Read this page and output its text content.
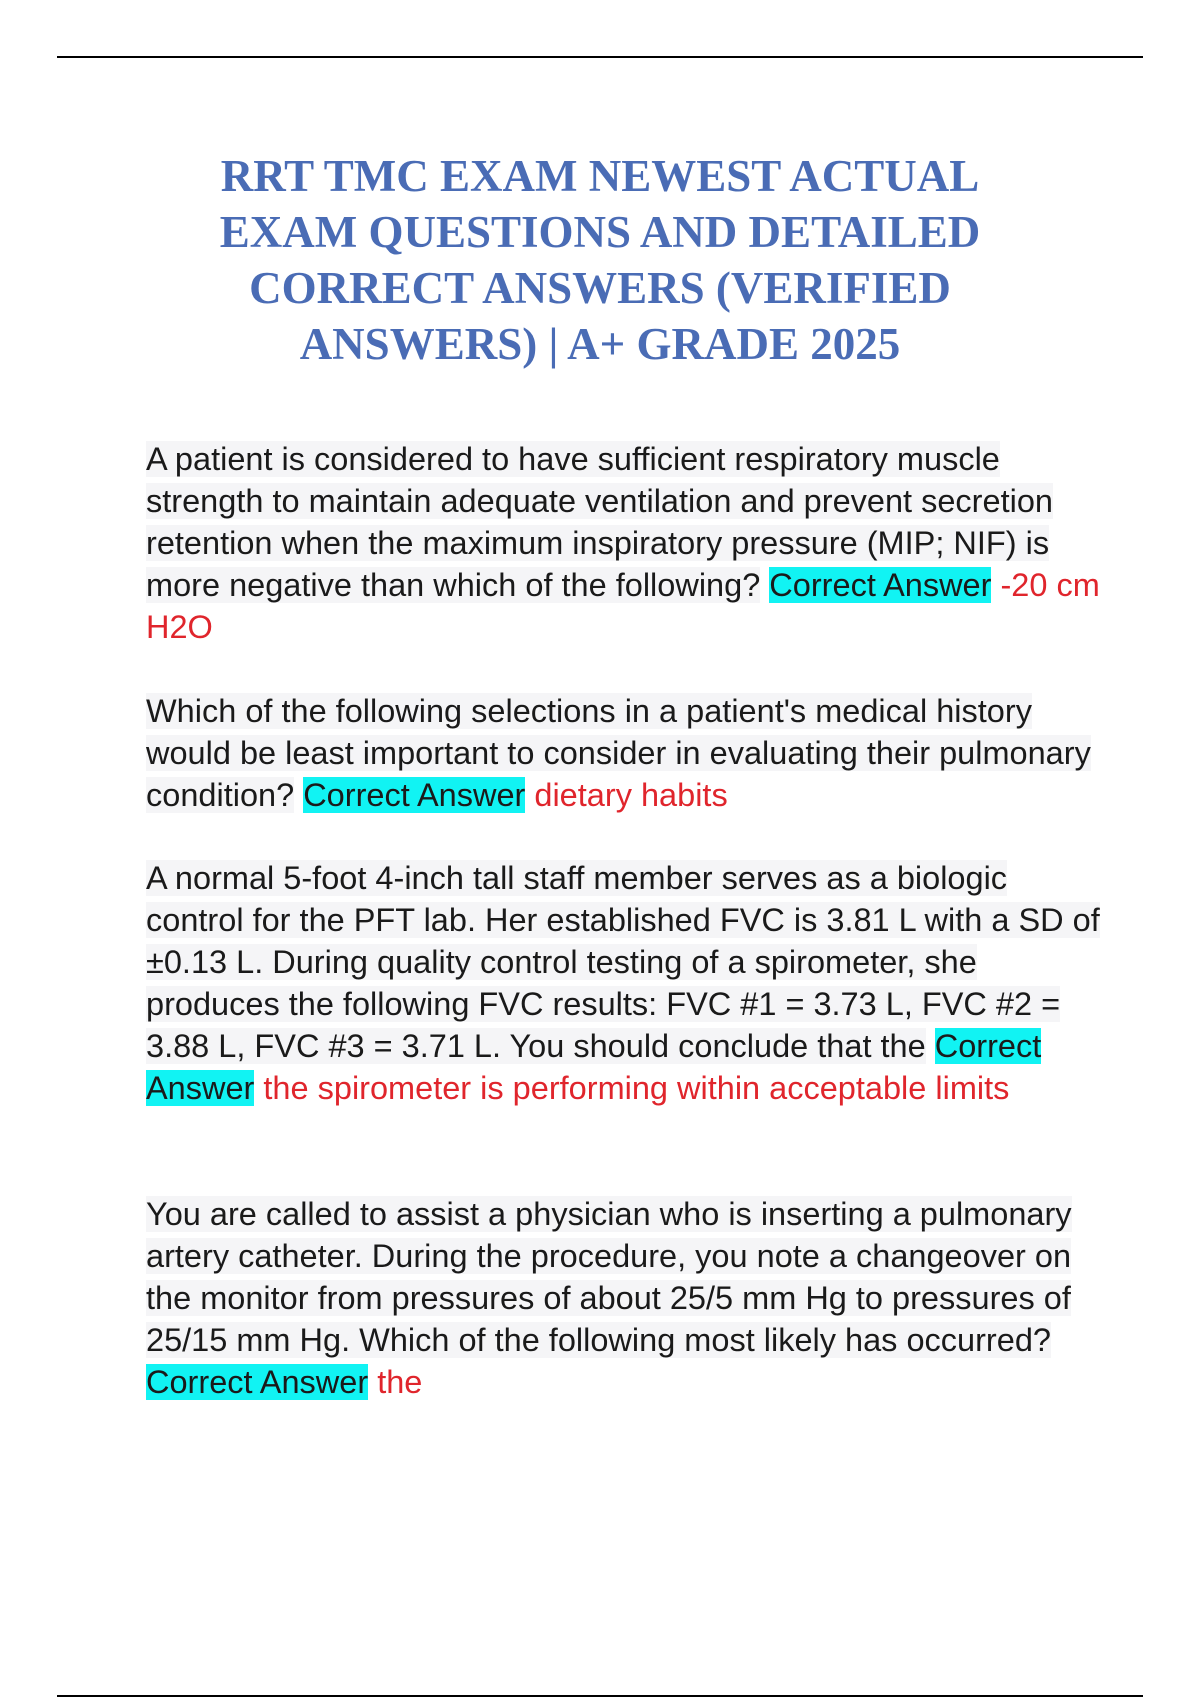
RRT TMC EXAM NEWEST ACTUAL EXAM QUESTIONS AND DETAILED CORRECT ANSWERS (VERIFIED ANSWERS) | A+ GRADE 2025

A patient is considered to have sufficient respiratory muscle strength to maintain adequate ventilation and prevent secretion retention when the maximum inspiratory pressure (MIP; NIF) is more negative than which of the following? Correct Answer -20 cm H2O

Which of the following selections in a patient's medical history would be least important to consider in evaluating their pulmonary condition? Correct Answer dietary habits

A normal 5-foot 4-inch tall staff member serves as a biologic control for the PFT lab. Her established FVC is 3.81 L with a SD of ±0.13 L. During quality control testing of a spirometer, she produces the following FVC results: FVC #1 = 3.73 L, FVC #2 = 3.88 L, FVC #3 = 3.71 L. You should conclude that the Correct Answer the spirometer is performing within acceptable limits

You are called to assist a physician who is inserting a pulmonary artery catheter. During the procedure, you note a changeover on the monitor from pressures of about 25/5 mm Hg to pressures of 25/15 mm Hg. Which of the following most likely has occurred? Correct Answer the
